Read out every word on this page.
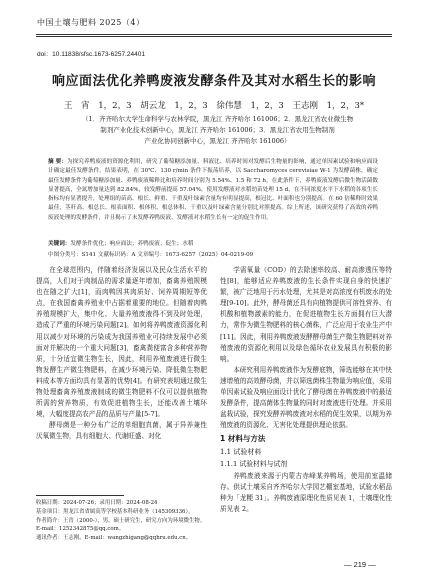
中国土壤与肥料 2025（4）
doi：10.11838/sfsc.1673-6257.24401
响应面法优化养鸭废液发酵条件及其对水稻生长的影响
王 宵 1，2，3 胡云龙 1，2，3 徐伟慧 1，2，3 王志刚 1，2，3*
（1．齐齐哈尔大学生命科学与农林学院，黑龙江 齐齐哈尔 161006；2．黑龙江省农业微生物
制剂产业化技术创新中心，黑龙江 齐齐哈尔 161006；3．黑龙江省农用生物制剂
产业化协同创新中心，黑龙江 齐齐哈尔 161006）
摘 要：为探究养鸭废液的资源化利用，研究了葡萄糖添加量、料液比、培养时间对发酵后生物量的影响，通过单因素试验和响应面设计确定最佳发酵条件。结果表明，在 30℃、130 r/min 条件下振荡培养，以 Saccharomyces cerevisiae W-1 为发酵菌株，确定最佳发酵条件为葡萄糖添加量、养鸭废液稀释比和培养时间分别为 5.54%、1.5 和 72 h。在此条件下，养鸭废液发酵后微生物活菌数显著提高，全氮增加量达到 82.84%，较发酵前提高 57.04%。使用发酵液对水稻幼苗处理 15 d，在不同浓度水平下水稻的各项生长指标均有显著提升，处理组的苗高、根长、鲜重、干重及叶绿素含量均有明显提高，根冠比、叶面积也分别提高。在 60 倍稀释时效果最佳，茎秆高、根总长、根表面积、根体积、根总体积、干重以及叶绿素含量分别比对照提高。综上所述，该研究获得了高效的养鸭废液处理的发酵条件，并且揭示了未发酵养鸭废液、发酵液对水稻生长有一定的促生作用。
关键词：发酵条件优化；响应面法；养鸭废液；促生；水稻
中图分类号：S141 文献标识码：A 文章编号：1673-6257（2025）04-0219-09

在全球范围内，伴随着经济发展以及民众生活水平的提高，人们对于肉制品的需求量逐年增加，畜禽养殖规模也在随之扩大[1]，而肉鸭因其肉质好、饲养周期短等优点，在我国畜禽养殖业中占据着重要的地位。但随着肉鸭养殖规模扩大，集中化、大量养殖废液得不到及时处理，造成了严重的环境污染问题[2]。如何将养鸭废液资源化利用以减少对环境的污染成为我国养殖业可持续发展中必须面对并解决的一个重大问题[3]，畜禽粪便富含多种营养物质，十分适宜微生物生长，因此，利用养殖废液进行微生物发酵生产微生物肥料，在减少环境污染、降低微生物肥料成本等方面均具有显著的优势[4]。有研究表明通过微生物处理畜禽养殖废液制成的微生物肥料不仅可以提供植物所需的营养物质，有效促进植物生长，还能改善土壤环境，大幅度提高农产品的品质与产量[5-7]。

酵母菌是一种分布广泛的单细胞真菌，属于异养兼性厌氧微生物，具有细胞大、代谢旺盛、对化

学需氧量（COD）的去除速率较高、耐高渗透压等特性[8]，能够适应养鸭废液的生长条件实现自身的快速扩繁，被广泛地用于污水处理，尤其是对高浓度有机废水的处理[9-10]。此外，酵母菌还具有向植物提供可溶性营养、有机酸和植物激素的能力，在促进植物生长方面拥有巨大潜力，常作为微生物肥料的核心菌株，广泛应用于农业生产中[11]。因此，利用养鸭废液发酵酵母菌生产微生物肥料对养殖废液的资源化利用以及绿色循环农业发展具有积极的影响。

本研究利用养鸭废液作为发酵底物，筛选能够在其中快速增殖的高效酵母菌，并以筛选菌株生物量为响应值，采用单因素试验及响应面设计优化了酵母菌在养鸭废液中的最适发酵条件，提高菌体生物量的同时对废液进行处理。并采用盆栽试验，探究发酵养鸭废液对水稻的促生效果，以期为养殖废液的资源化、无害化处理提供理论依据。

1 材料与方法
1.1 试验材料
1.1.1 试验材料与试剂

养鸭废液来源于内蒙古赤峰某养鸭场，使用前室温储存。供试土壤采自齐齐哈尔大学园艺棚室基地，试验水稻品种为「龙粳 31」。养鸭废液原理化性质见表 1，土壤理化性质见表 2。

收稿日期：2024-07-26；录用日期：2024-08-24
基金项目：黑龙江省省属高等学校基本科研业务（145309336）。
作者简介：王宵（2000-），男，硕士研究生，研究方向为环境微生物。E-mail：1252342875@qq.com。
通讯作者：王志刚，E-mail：wangzhigang@qqhru.edu.cn。
— 219 —
